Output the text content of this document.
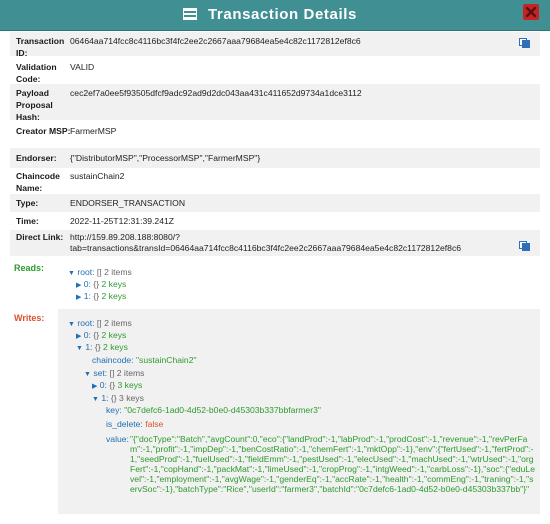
Transaction Details
Transaction ID:
06464aa714fcc8c4116bc3f4fc2ee2c2667aaa79684ea5e4c82c1172812ef8c6
Validation Code:
VALID
Payload Proposal Hash:
cec2ef7a0ee5f93505dfcf9adc92ad9d2dc043aa431c411652d9734a1dce3112
Creator MSP: FarmerMSP
Endorser:	{"DistributorMSP","ProcessorMSP","FarmerMSP"}
Chaincode Name:
sustainChain2
Type:	ENDORSER_TRANSACTION
Time:	2022-11-25T12:31:39.241Z
Direct Link: http://159.89.208.188:8080/?
tab=transactions&transId=06464aa714fcc8c4116bc3f4fc2ee2c2667aaa79684ea5e4c82c1172812ef8c6
Reads:
▼ root: [] 2 items
▶ 0: {} 2 keys
▶ 1: {} 2 keys
Writes:
▼ root: [] 2 items
▶ 0: {} 2 keys
▼ 1: {} 2 keys
chaincode: "sustainChain2"
▼ set: [] 2 items
▶ 0: {} 3 keys
▼ 1: {} 3 keys
key: "0c7defc6-1ad0-4d52-b0e0-d45303b337bbfarmer3"
is_delete: false
value: "{"docType":"Batch","avgCount":0,"eco":{"landProd":-1,"labProd":-1,"prodCost":-1,"revenue":-1,"revPerFam":-1,"profit":-1,"impDep":-1,"benCostRatio":-1,"chemFert":-1,"mktOpp":-1},"env":{"fertUsed":-1,"fertProd":-1,"seedProd":-1,"fuelUsed":-1,"fieldEmm":-1,"pestUsed":-1,"elecUsed":-1,"machUsed":-1,"wtrUsed":-1,"orgFert":-1,"copHand":-1,"packMat":-1,"limeUsed":-1,"cropProg":-1,"intgWeed":-1,"carbLoss":-1},"soc":{"eduLevel":-1,"employment":-1,"avgWage":-1,"genderEq":-1,"accRate":-1,"health":-1,"commEng":-1,"traning":-1,"servSoc":-1},"batchType":"Rice","userId":"farmer3","batchId":"0c7defc6-1ad0-4d52-b0e0-d45303b337bb"}"
